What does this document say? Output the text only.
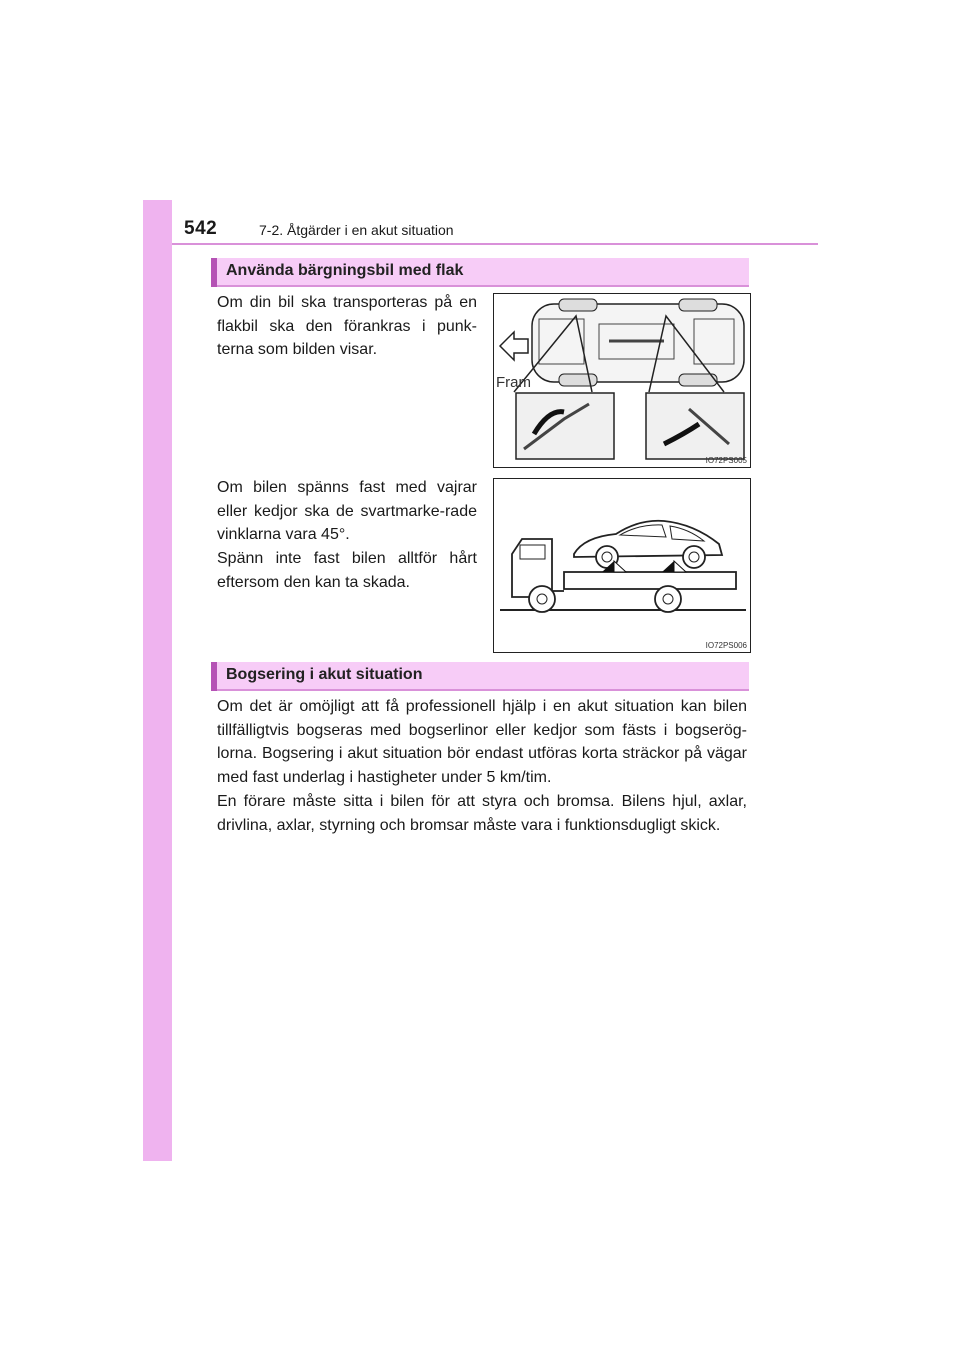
542	7-2. Åtgärder i en akut situation
Använda bärgningsbil med flak
Om din bil ska transporteras på en flakbil ska den förankras i punk-terna som bilden visar.
Fram
IO72PS005
Om bilen spänns fast med vajrar eller kedjor ska de svartmarke-rade vinklarna vara 45°.
Spänn inte fast bilen alltför hårt eftersom den kan ta skada.
IO72PS006
Bogsering i akut situation
Om det är omöjligt att få professionell hjälp i en akut situation kan bilen tillfälligtvis bogseras med bogserlinor eller kedjor som fästs i bogserög-lorna. Bogsering i akut situation bör endast utföras korta sträckor på vägar med fast underlag i hastigheter under 5 km/tim.
En förare måste sitta i bilen för att styra och bromsa. Bilens hjul, axlar, drivlina, axlar, styrning och bromsar måste vara i funktionsdugligt skick.
